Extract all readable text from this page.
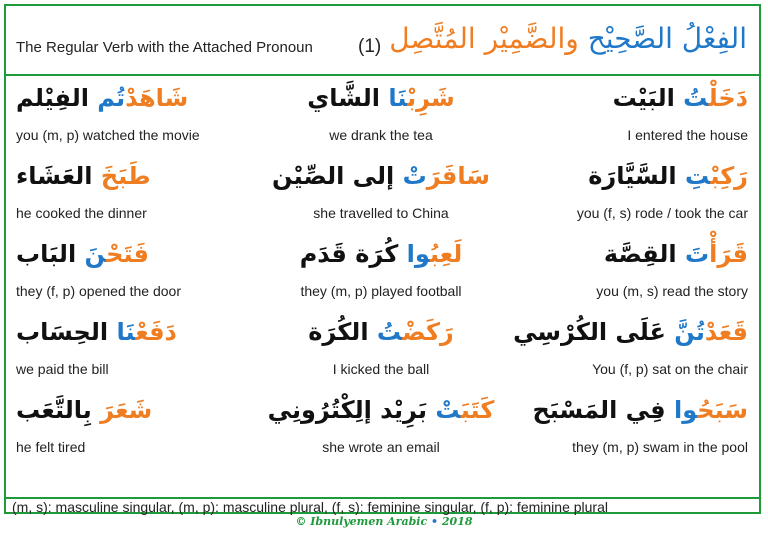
The Regular Verb with the Attached Pronoun (1)	الفِعْلُ الصَّحِيْح والضَّمِيْر المُتَّصِل
شَاهَدْتُم الفِيْلم
you (m, p) watched the movie
شَرِبْنَا الشَّاي
we drank the tea
دَخَلْتُ البَيْت
I entered the house
طَبَخَ العَشَاء
he cooked the dinner
سَافَرَتْ إلى الصِّيْن
she travelled to China
رَكِبْتِ السَّيَّارَة
you (f, s) rode / took the car
فَتَحْنَ البَاب
they (f, p) opened the door
لَعِبُوا كُرَة قَدَم
they (m, p) played football
قَرَأْتَ القِصَّة
you (m, s) read the story
دَفَعْنَا الحِسَاب
we paid the bill
رَكَضْتُ الكُرَة
I kicked the ball
قَعَدْتُنَّ عَلَى الكُرْسِي
You (f, p) sat on the chair
شَعَرَ بِالتَّعَب
he felt tired
كَتَبَتْ بَرِيْد إلِكْتُرُونِي
she wrote an email
سَبَحُوا فِي المَسْبَح
they (m, p) swam in the pool
(m, s): masculine singular, (m, p): masculine plural, (f, s): feminine singular, (f, p): feminine plural
© Ibnulyemen Arabic • 2018
